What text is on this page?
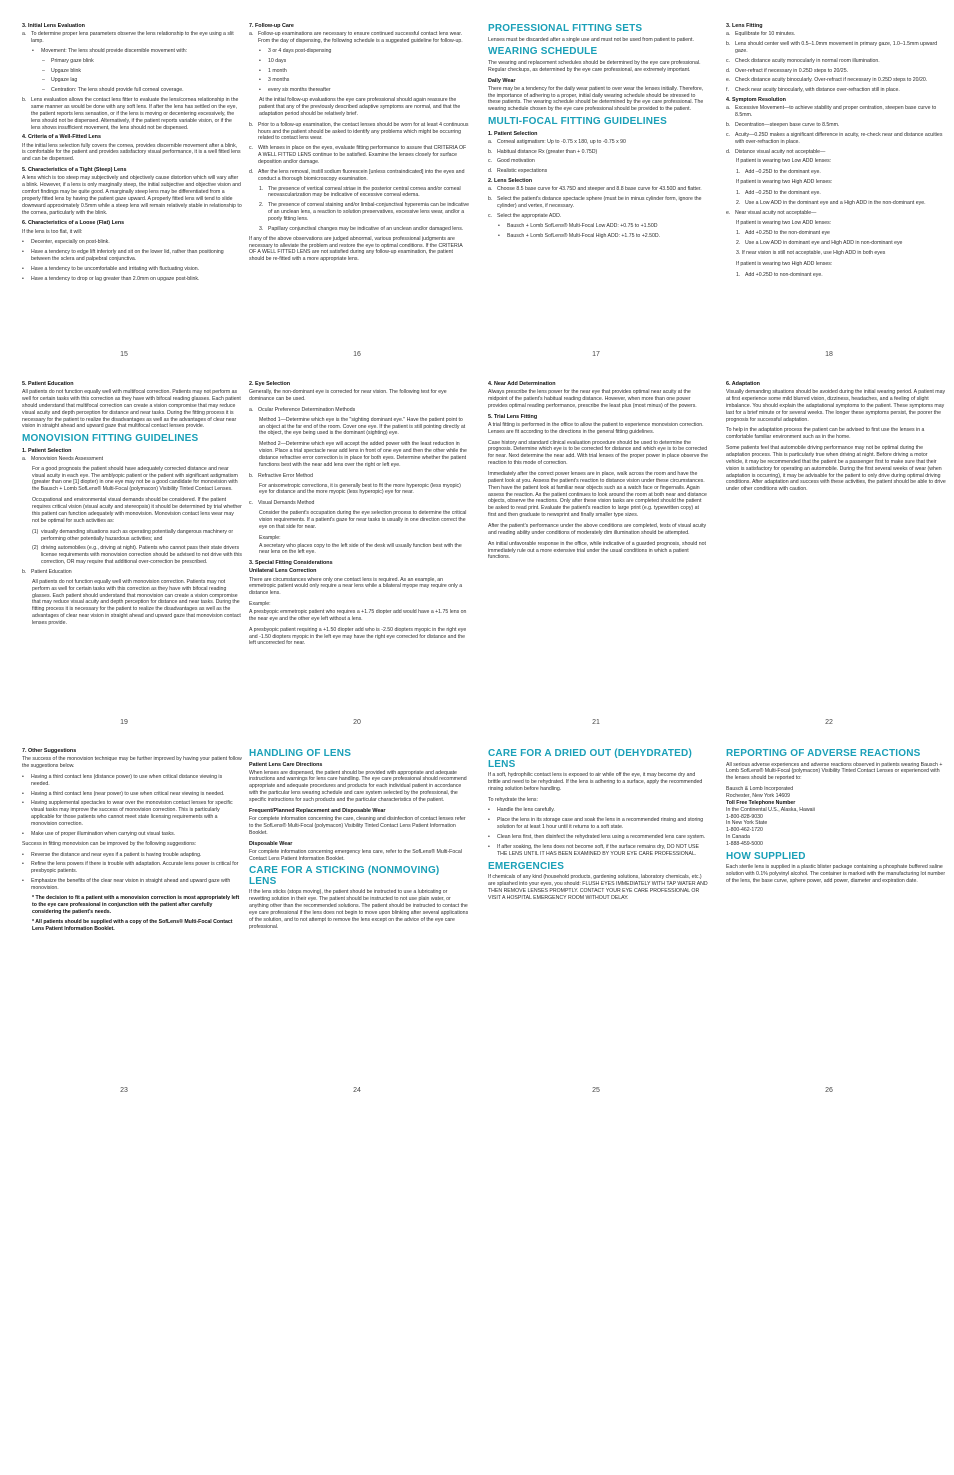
3. Initial Lens Evaluation
a. To determine proper lens parameters observe the lens relationship to the eye using a slit lamp.
•	Movement: The lens should provide discernible movement with:
–	Primary gaze blink
–	Upgaze blink
–	Upgaze lag
–	Centration: The lens should provide full corneal coverage.
b. Lens evaluation allows the contact lens fitter to evaluate the lens/cornea relationship in the same manner as would be done with any soft lens. If after the lens has settled on the eye, the patient reports lens sensation, or if the lens is moving or decentering excessively, the lens should not be dispensed. Alternatively, if the patient reports variable vision, or if the lens shows insufficient movement, the lens should not be dispensed.
4. Criteria of a Well-Fitted Lens

If the initial lens selection fully covers the cornea, provides discernible movement after a blink, is comfortable for the patient and provides satisfactory visual performance, it is a well fitted lens and can be dispensed.

5. Characteristics of a Tight (Steep) Lens

A lens which is too steep may subjectively and objectively cause distortion which will vary after a blink. However, if a lens is only marginally steep, the initial subjective and objective vision and comfort findings may be quite good. A marginally steep lens may be differentiated from a properly fitted lens by having the patient gaze upward. A properly fitted lens will tend to slide downward approximately 0.5mm while a steep lens will remain relatively stable in relationship to the cornea, particularly with the blink.

6. Characteristics of a Loose (Flat) Lens

If the lens is too flat, it will:

•	Decenter, especially on post-blink.
•	Have a tendency to edge lift inferiorly and sit on the lower lid, rather than positioning between the sclera and palpebral conjunctiva.
•	Have a tendency to be uncomfortable and irritating with fluctuating vision.
•	Have a tendency to drop or lag greater than 2.0mm on upgaze post-blink.
15
7. Follow-up Care
a. Follow-up examinations are necessary to ensure continued successful contact lens wear. From the day of dispensing, the following schedule is a suggested guideline for follow-up.
•	3 or 4 days post-dispensing
•	10 days
•	1 month
•	3 months
•	every six months thereafter

At the initial follow-up evaluations the eye care professional should again reassure the patient that any of the previously described adaptive symptoms are normal, and that the adaptation period should be relatively brief.

b. Prior to a follow-up examination, the contact lenses should be worn for at least 4 continuous hours and the patient should be asked to identify any problems which might be occurring related to contact lens wear.
c. With lenses in place on the eyes, evaluate fitting performance to assure that CRITERIA OF A WELL FITTED LENS continue to be satisfied. Examine the lenses closely for surface deposition and/or damage.
d. After the lens removal, instill sodium fluorescein [unless contraindicated] into the eyes and conduct a thorough biomicroscopy examination.
1. The presence of vertical corneal striae in the posterior central cornea and/or corneal neovascularization may be indicative of excessive corneal edema.
2. The presence of corneal staining and/or limbal-conjunctival hyperemia can be indicative of an unclean lens, a reaction to solution preservatives, excessive lens wear, and/or a poorly fitting lens.
3. Papillary conjunctival changes may be indicative of an unclean and/or damaged lens.

If any of the above observations are judged abnormal, various professional judgments are necessary to alleviate the problem and restore the eye to optimal conditions. If the CRITERIA OF A WELL FITTED LENS are not satisfied during any follow-up examination, the patient should be re-fitted with a more appropriate lens.

16
PROFESSIONAL FITTING SETS

Lenses must be discarded after a single use and must not be used from patient to patient.

WEARING SCHEDULE

The wearing and replacement schedules should be determined by the eye care professional. Regular checkups, as determined by the eye care professional, are extremely important.

Daily Wear

There may be a tendency for the daily wear patient to over wear the lenses initially. Therefore, the importance of adhering to a proper, initial daily wearing schedule should be stressed to these patients. The wearing schedule should be determined by the eye care professional. The wearing schedule chosen by the eye care professional should be provided to the patient.

MULTI-FOCAL FITTING GUIDELINES
1. Patient Selection
a. Corneal astigmatism: Up to -0.75 x 180, up to -0.75 x 90
b. Habitual distance Rx (greater than + 0.75D)
c. Good motivation
d. Realistic expectations
2. Lens Selection
a. Choose 8.5 base curve for 43.75D and steeper and 8.8 base curve for 43.50D and flatter.
b. Select the patient's distance spectacle sphere (must be in minus cylinder form, ignore the cylinder) and vertex, if necessary.
c. Select the appropriate ADD.
•	Bausch + Lomb SofLens® Multi-Focal Low ADD: +0.75 to +1.50D
•	Bausch + Lomb SofLens® Multi-Focal High ADD: +1.75 to +2.50D.
17
3. Lens Fitting
a. Equilibrate for 10 minutes.
b. Lens should center well with 0.5–1.0mm movement in primary gaze, 1.0–1.5mm upward gaze.
c. Check distance acuity monocularly in normal room illumination.
d. Over-refract if necessary in 0.25D steps to 20/25.
e. Check distance acuity binocularly. Over-refract if necessary in 0.25D steps to 20/20.
f.	Check near acuity binocularly, with distance over-refraction still in place.
4. Symptom Resolution
a. Excessive Movement—to achieve stability and proper centration, steepen base curve to 8.5mm.
b. Decentration—steepen base curve to 8.5mm.
c. Acuity—0.25D makes a significant difference in acuity, re-check near and distance acuities with over-refraction in place.
d. Distance visual acuity not acceptable—

If patient is wearing two Low ADD lenses:

1. Add –0.25D to the dominant eye.

If patient is wearing two High ADD lenses:

1. Add –0.25D to the dominant eye.
2. Use a Low ADD in the dominant eye and a High ADD in the non-dominant eye.
e. Near visual acuity not acceptable—

If patient is wearing two Low ADD lenses:

1. Add +0.25D to the non-dominant eye
2. Use a Low ADD in dominant eye and High ADD in non-dominant eye

3. If near vision is still not acceptable, use High ADD in both eyes

If patient is wearing two High ADD lenses:

1. Add +0.25D to non-dominant eye.
18
5. Patient Education

All patients do not function equally well with multifocal correction. Patients may not perform as well for certain tasks with this correction as they have with bifocal reading glasses. Each patient should understand that multifocal correction can create a vision compromise that may reduce visual acuity and depth perception for distance and near tasks. During the fitting process it is necessary for the patient to realize the disadvantages as well as the advantages of clear near vision in straight ahead and upward gaze that multifocal contact lenses provide.

MONOVISION FITTING GUIDELINES
1. Patient Selection
a. Monovision Needs Assessment

For a good prognosis the patient should have adequately corrected distance and near visual acuity in each eye. The amblyopic patient or the patient with significant astigmatism (greater than one [1] diopter) in one eye may not be a good candidate for monovision with the Bausch + Lomb SofLens® Multi-Focal (polymacon) Visibility Tinted Contact Lenses.

Occupational and environmental visual demands should be considered. If the patient requires critical vision (visual acuity and stereopsis) it should be determined by trial whether this patient can function adequately with monovision. Monovision contact lens wear may not be optimal for such activities as:

(1) visually demanding situations such as operating potentially dangerous machinery or performing other potentially hazardous activities; and
(2) driving automobiles (e.g., driving at night). Patients who cannot pass their state drivers license requirements with monovision correction should be advised to not drive with this correction, OR may require that additional over-correction be prescribed.
b. Patient Education

All patients do not function equally well with monovision correction. Patients may not perform as well for certain tasks with this correction as they have with bifocal reading glasses. Each patient should understand that monovision can create a vision compromise that may reduce visual acuity and depth perception for distance and near tasks. During the fitting process it is necessary for the patient to realize the disadvantages as well as the advantages of clear near vision in straight ahead and upward gaze that monovision contact lenses provide.

19
2. Eye Selection

Generally, the non-dominant eye is corrected for near vision. The following test for eye dominance can be used.

a. Ocular Preference Determination Methods

Method 1—Determine which eye is the "sighting dominant eye." Have the patient point to an object at the far end of the room. Cover one eye. If the patient is still pointing directly at the object, the eye being used is the dominant (sighting) eye.

Method 2—Determine which eye will accept the added power with the least reduction in vision. Place a trial spectacle near add lens in front of one eye and then the other while the distance refractive error correction is in place for both eyes. Determine whether the patient functions best with the near add lens over the right or left eye.

b. Refractive Error Method

For anisometropic corrections, it is generally best to fit the more hyperopic (less myopic) eye for distance and the more myopic (less hyperopic) eye for near.

c. Visual Demands Method

Consider the patient's occupation during the eye selection process to determine the critical vision requirements. If a patient's gaze for near tasks is usually in one direction correct the eye on that side for near.

Example:

A secretary who places copy to the left side of the desk will usually function best with the near lens on the left eye.

3. Special Fitting Considerations
Unilateral Lens Correction

There are circumstances where only one contact lens is required. As an example, an emmetropic patient would only require a near lens while a bilateral myope may require only a distance lens.

Example:

A presbyopic emmetropic patient who requires a +1.75 diopter add would have a +1.75 lens on the near eye and the other eye left without a lens.

A presbyopic patient requiring a +1.50 diopter add who is -2.50 diopters myopic in the right eye and -1.50 diopters myopic in the left eye may have the right eye corrected for distance and the left uncorrected for near.

20
4. Near Add Determination

Always prescribe the lens power for the near eye that provides optimal near acuity at the midpoint of the patient's habitual reading distance. However, when more than one power provides optimal reading performance, prescribe the least plus (most minus) of the powers.

5. Trial Lens Fitting

A trial fitting is performed in the office to allow the patient to experience monovision correction. Lenses are fit according to the directions in the general fitting guidelines.

Case history and standard clinical evaluation procedure should be used to determine the prognosis. Determine which eye is to be corrected for distance and which eye is to be corrected for near. Next determine the near add. With trial lenses of the proper power in place observe the reaction to this mode of correction.

Immediately after the correct power lenses are in place, walk across the room and have the patient look at you. Assess the patient's reaction to distance vision under these circumstances. Then have the patient look at familiar near objects such as a watch face or fingernails. Again assess the reaction. As the patient continues to look around the room at both near and distance objects, observe the reactions. Only after these vision tasks are completed should the patient be asked to read print. Evaluate the patient's reaction to large print (e.g. typewritten copy) at first and then graduate to newsprint and finally smaller type sizes.

After the patient's performance under the above conditions are completed, tests of visual acuity and reading ability under conditions of moderately dim illumination should be attempted.

An initial unfavorable response in the office, while indicative of a guarded prognosis, should not immediately rule out a more extensive trial under the usual conditions in which a patient functions.

21
6. Adaptation

Visually demanding situations should be avoided during the initial wearing period. A patient may at first experience some mild blurred vision, dizziness, headaches, and a feeling of slight imbalance. You should explain the adaptational symptoms to the patient. These symptoms may last for a brief minute or for several weeks. The longer these symptoms persist, the poorer the prognosis for successful adaptation.

To help in the adaptation process the patient can be advised to first use the lenses in a comfortable familiar environment such as in the home.

Some patients feel that automobile driving performance may not be optimal during the adaptation process. This is particularly true when driving at night. Before driving a motor vehicle, it may be recommended that the patient be a passenger first to make sure that their vision is satisfactory for operating an automobile. During the first several weeks of wear (when adaptation is occurring), it may be advisable for the patient to only drive during optimal driving conditions. After adaptation and success with these activities, the patient should be able to drive under other conditions with caution.

22
7. Other Suggestions

The success of the monovision technique may be further improved by having your patient follow the suggestions below.

•	Having a third contact lens (distance power) to use when critical distance viewing is needed.
•	Having a third contact lens (near power) to use when critical near viewing is needed.
•	Having supplemental spectacles to wear over the monovision contact lenses for specific visual tasks may improve the success of monovision correction. This is particularly applicable for those patients who cannot meet state licensing requirements with a monovision correction.
•	Make use of proper illumination when carrying out visual tasks.

Success in fitting monovision can be improved by the following suggestions:

•	Reverse the distance and near eyes if a patient is having trouble adapting.
•	Refine the lens powers if there is trouble with adaptation. Accurate lens power is critical for presbyopic patients.
•	Emphasize the benefits of the clear near vision in straight ahead and upward gaze with monovision.

* The decision to fit a patient with a monovision correction is most appropriately left to the eye care professional in conjunction with the patient after carefully considering the patient's needs.

* All patients should be supplied with a copy of the SofLens® Multi-Focal Contact Lens Patient Information Booklet.

23
HANDLING OF LENS
Patient Lens Care Directions

When lenses are dispensed, the patient should be provided with appropriate and adequate instructions and warnings for lens care handling. The eye care professional should recommend appropriate and adequate procedures and products for each individual patient in accordance with the particular lens wearing schedule and care system selected by the professional, the specific instructions for such products and the particular characteristics of the patient.

Frequent/Planned Replacement and Disposable Wear

For complete information concerning the care, cleaning and disinfection of contact lenses refer to the SofLens® Multi-Focal (polymacon) Visibility Tinted Contact Lens Patient Information Booklet.

Disposable Wear

For complete information concerning emergency lens care, refer to the SofLens® Multi-Focal Contact Lens Patient Information Booklet.

CARE FOR A STICKING (NONMOVING) LENS

If the lens sticks (stops moving), the patient should be instructed to use a lubricating or rewetting solution in their eye. The patient should be instructed to not use plain water, or anything other than the recommended solutions. The patient should be instructed to contact the eye care professional if the lens does not begin to move upon blinking after several applications of the solution, and to not attempt to remove the lens except on the advice of the eye care professional.

24
CARE FOR A DRIED OUT (DEHYDRATED) LENS

If a soft, hydrophilic contact lens is exposed to air while off the eye, it may become dry and brittle and need to be rehydrated. If the lens is adhering to a surface, apply the recommended rinsing solution before handling.

To rehydrate the lens:

•	Handle the lens carefully.
•	Place the lens in its storage case and soak the lens in a recommended rinsing and storing solution for at least 1 hour until it returns to a soft state.
•	Clean lens first, then disinfect the rehydrated lens using a recommended lens care system.
•	If after soaking, the lens does not become soft, if the surface remains dry, DO NOT USE THE LENS UNTIL IT HAS BEEN EXAMINED BY YOUR EYE CARE PROFESSIONAL.
EMERGENCIES

If chemicals of any kind (household products, gardening solutions, laboratory chemicals, etc.) are splashed into your eyes, you should: FLUSH EYES IMMEDIATELY WITH TAP WATER AND THEN REMOVE LENSES PROMPTLY. CONTACT YOUR EYE CARE PROFESSIONAL OR VISIT A HOSPITAL EMERGENCY ROOM WITHOUT DELAY.

25
REPORTING OF ADVERSE REACTIONS

All serious adverse experiences and adverse reactions observed in patients wearing Bausch + Lomb SofLens® Multi-Focal (polymacon) Visibility Tinted Contact Lenses or experienced with the lenses should be reported to:

Bausch & Lomb Incorporated
Rochester, New York 14609
Toll Free Telephone Number
In the Continental U.S., Alaska, Hawaii
1-800-828-9030
In New York State
1-800-462-1720
In Canada
1-888-459-5000
HOW SUPPLIED

Each sterile lens is supplied in a plastic blister package containing a phosphate buffered saline solution with 0.1% polyvinyl alcohol. The container is marked with the manufacturing lot number of the lens, the base curve, sphere power, add power, diameter and expiration date.

26
